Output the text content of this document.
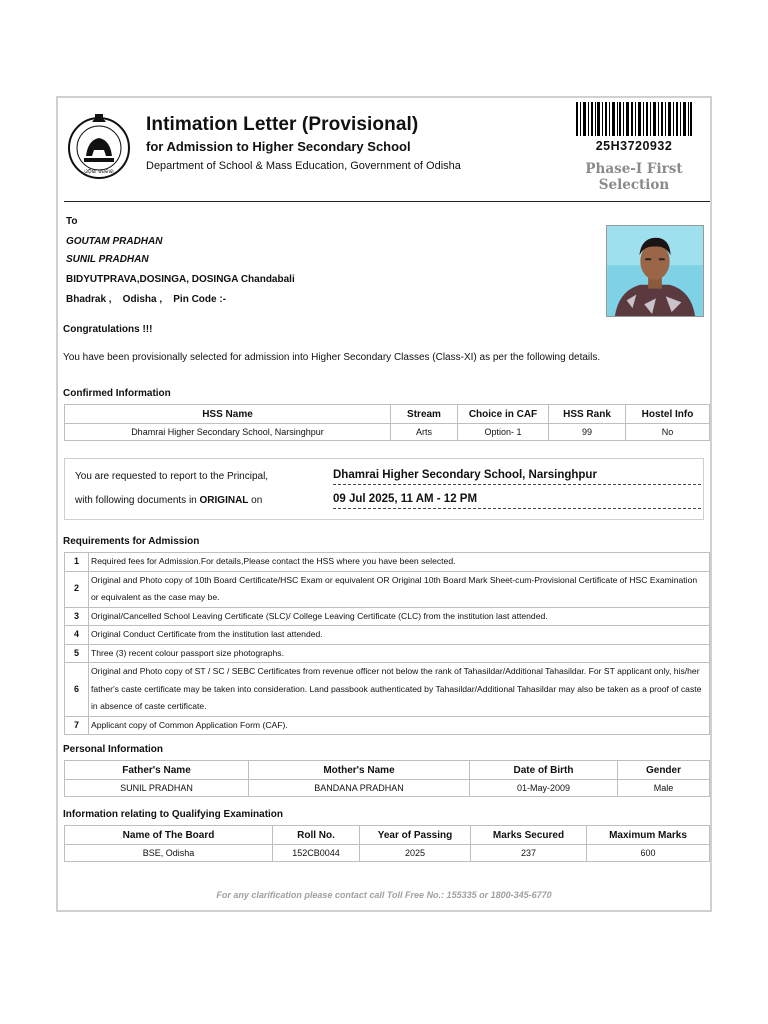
ଓଡ଼ିଶା ସରକାର
Intimation Letter (Provisional)
for Admission to Higher Secondary School
Department of School & Mass Education, Government of Odisha
25H3720932
Phase-I First
Selection
To
GOUTAM PRADHAN
SUNIL PRADHAN
BIDYUTPRAVA,DOSINGA, DOSINGA Chandabali
Bhadrak ,    Odisha ,    Pin Code :-
Congratulations !!!
You have been provisionally selected for admission into Higher Secondary Classes (Class-XI) as per the following details.
Confirmed Information
HSS Name	Stream	Choice in CAF	HSS Rank	Hostel Info
Dhamrai Higher Secondary School, Narsinghpur	Arts	Option- 1	99	No
You are requested to report to the Principal,
with following documents in ORIGINAL on
Dhamrai Higher Secondary School, Narsinghpur
09 Jul 2025, 11 AM - 12 PM
Requirements for Admission
1	Required fees for Admission.For details,Please contact the HSS where you have been selected.
2	Original and Photo copy of 10th Board Certificate/HSC Exam or equivalent OR Original 10th Board Mark Sheet-cum-Provisional Certificate of HSC Examination or equivalent as the case may be.
3	Original/Cancelled School Leaving Certificate (SLC)/ College Leaving Certificate (CLC) from the institution last attended.
4	Original Conduct Certificate from the institution last attended.
5	Three (3) recent colour passport size photographs.
6	Original and Photo copy of ST / SC / SEBC Certificates from revenue officer not below the rank of Tahasildar/Additional Tahasildar. For ST applicant only, his/her father's caste certificate may be taken into consideration. Land passbook authenticated by Tahasildar/Additional Tahasildar may also be taken as a proof of caste in absence of caste certificate.
7	Applicant copy of Common Application Form (CAF).
Personal Information
Father's Name	Mother's Name	Date of Birth	Gender
SUNIL PRADHAN	BANDANA PRADHAN	01-May-2009	Male
Information relating to Qualifying Examination
Name of The Board	Roll No.	Year of Passing	Marks Secured	Maximum Marks
BSE, Odisha	152CB0044	2025	237	600
For any clarification please contact call Toll Free No.: 155335 or 1800-345-6770
